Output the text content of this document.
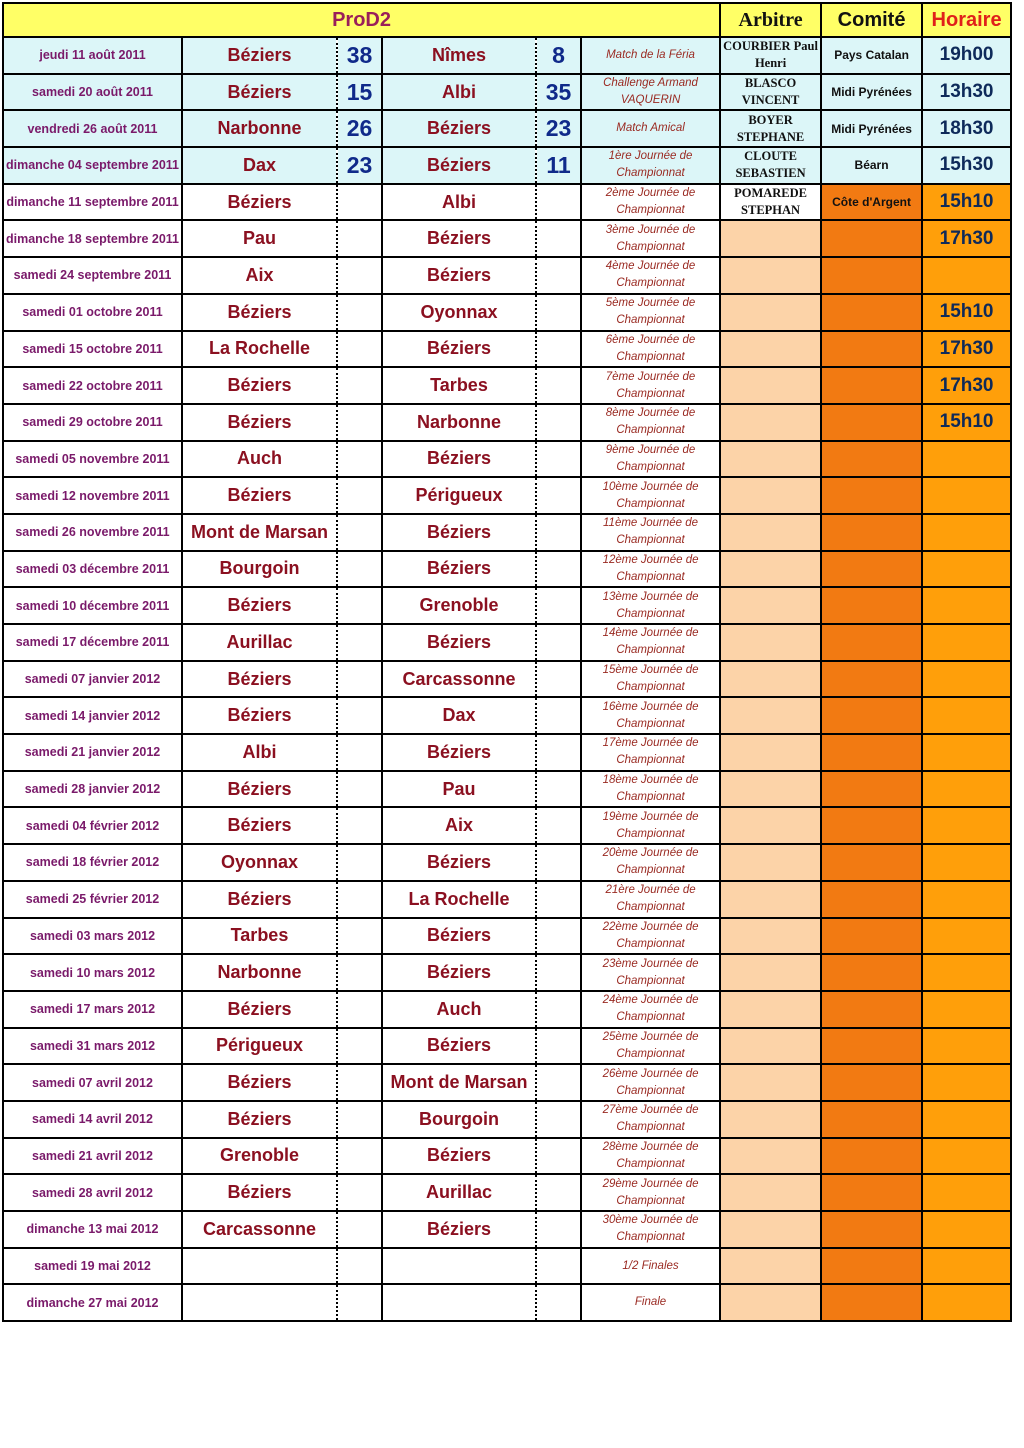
ProD2						Arbitre	Comité	Horaire
jeudi 11 août 2011	Béziers	38	Nîmes	8	Match de la Féria	COURBIER Paul Henri	Pays Catalan	19h00
samedi 20 août 2011	Béziers	15	Albi	35	Challenge Armand VAQUERIN	BLASCO VINCENT	Midi Pyrénées	13h30
vendredi 26 août 2011	Narbonne	26	Béziers	23	Match Amical	BOYER STEPHANE	Midi Pyrénées	18h30
dimanche 04 septembre 2011	Dax	23	Béziers	11	1ère Journée de Championnat	CLOUTE SEBASTIEN	Béarn	15h30
dimanche 11 septembre 2011	Béziers		Albi		2ème Journée de Championnat	POMAREDE STEPHAN	Côte d'Argent	15h10
dimanche 18 septembre 2011	Pau		Béziers		3ème Journée de Championnat			17h30
samedi 24 septembre 2011	Aix		Béziers		4ème Journée de Championnat			
samedi 01 octobre 2011	Béziers		Oyonnax		5ème Journée de Championnat			15h10
samedi 15 octobre 2011	La Rochelle		Béziers		6ème Journée de Championnat			17h30
samedi 22 octobre 2011	Béziers		Tarbes		7ème Journée de Championnat			17h30
samedi 29 octobre 2011	Béziers		Narbonne		8ème Journée de Championnat			15h10
samedi 05 novembre 2011	Auch		Béziers		9ème Journée de Championnat			
samedi 12 novembre 2011	Béziers		Périgueux		10ème Journée de Championnat			
samedi 26 novembre 2011	Mont de Marsan		Béziers		11ème Journée de Championnat			
samedi 03 décembre 2011	Bourgoin		Béziers		12ème Journée de Championnat			
samedi 10 décembre 2011	Béziers		Grenoble		13ème Journée de Championnat			
samedi 17 décembre 2011	Aurillac		Béziers		14ème Journée de Championnat			
samedi 07 janvier 2012	Béziers		Carcassonne		15ème Journée de Championnat			
samedi 14 janvier 2012	Béziers		Dax		16ème Journée de Championnat			
samedi 21 janvier 2012	Albi		Béziers		17ème Journée de Championnat			
samedi 28 janvier 2012	Béziers		Pau		18ème Journée de Championnat			
samedi 04 février 2012	Béziers		Aix		19ème Journée de Championnat			
samedi 18 février 2012	Oyonnax		Béziers		20ème Journée de Championnat			
samedi 25 février 2012	Béziers		La Rochelle		21ère Journée de Championnat			
samedi 03 mars 2012	Tarbes		Béziers		22ème Journée de Championnat			
samedi 10 mars 2012	Narbonne		Béziers		23ème Journée de Championnat			
samedi 17 mars 2012	Béziers		Auch		24ème Journée de Championnat			
samedi 31 mars 2012	Périgueux		Béziers		25ème Journée de Championnat			
samedi 07 avril 2012	Béziers		Mont de Marsan		26ème Journée de Championnat			
samedi 14 avril 2012	Béziers		Bourgoin		27ème Journée de Championnat			
samedi 21 avril 2012	Grenoble		Béziers		28ème Journée de Championnat			
samedi 28 avril 2012	Béziers		Aurillac		29ème Journée de Championnat			
dimanche 13 mai 2012	Carcassonne		Béziers		30ème Journée de Championnat			
samedi 19 mai 2012					1/2 Finales			
dimanche 27 mai 2012					Finale			
